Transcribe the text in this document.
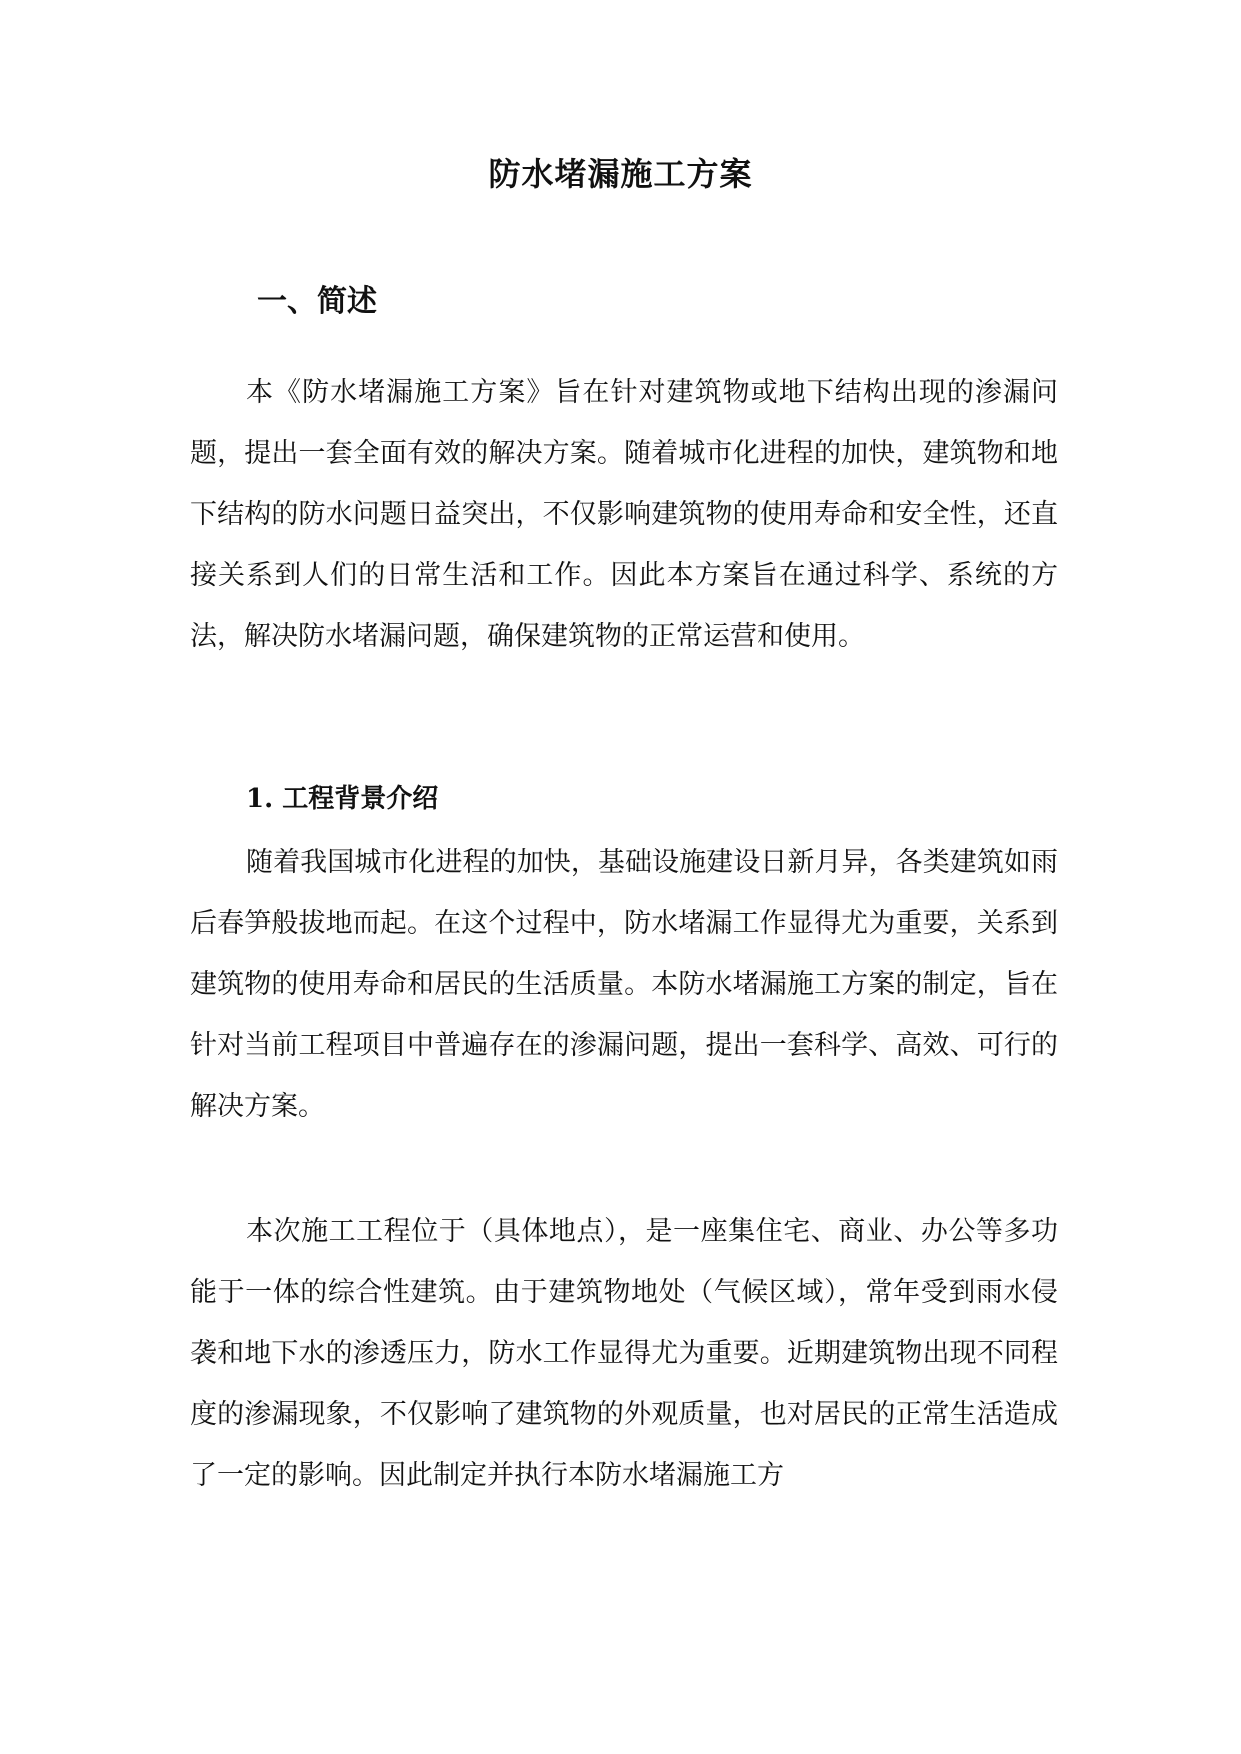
防水堵漏施工方案
一、简述

本《防水堵漏施工方案》旨在针对建筑物或地下结构出现的渗漏问题，提出一套全面有效的解决方案。随着城市化进程的加快，建筑物和地下结构的防水问题日益突出，不仅影响建筑物的使用寿命和安全性，还直接关系到人们的日常生活和工作。因此本方案旨在通过科学、系统的方法，解决防水堵漏问题，确保建筑物的正常运营和使用。

1. 工程背景介绍

随着我国城市化进程的加快，基础设施建设日新月异，各类建筑如雨后春笋般拔地而起。在这个过程中，防水堵漏工作显得尤为重要，关系到建筑物的使用寿命和居民的生活质量。本防水堵漏施工方案的制定，旨在针对当前工程项目中普遍存在的渗漏问题，提出一套科学、高效、可行的解决方案。

本次施工工程位于（具体地点），是一座集住宅、商业、办公等多功能于一体的综合性建筑。由于建筑物地处（气候区域），常年受到雨水侵袭和地下水的渗透压力，防水工作显得尤为重要。近期建筑物出现不同程度的渗漏现象，不仅影响了建筑物的外观质量，也对居民的正常生活造成了一定的影响。因此制定并执行本防水堵漏施工方
